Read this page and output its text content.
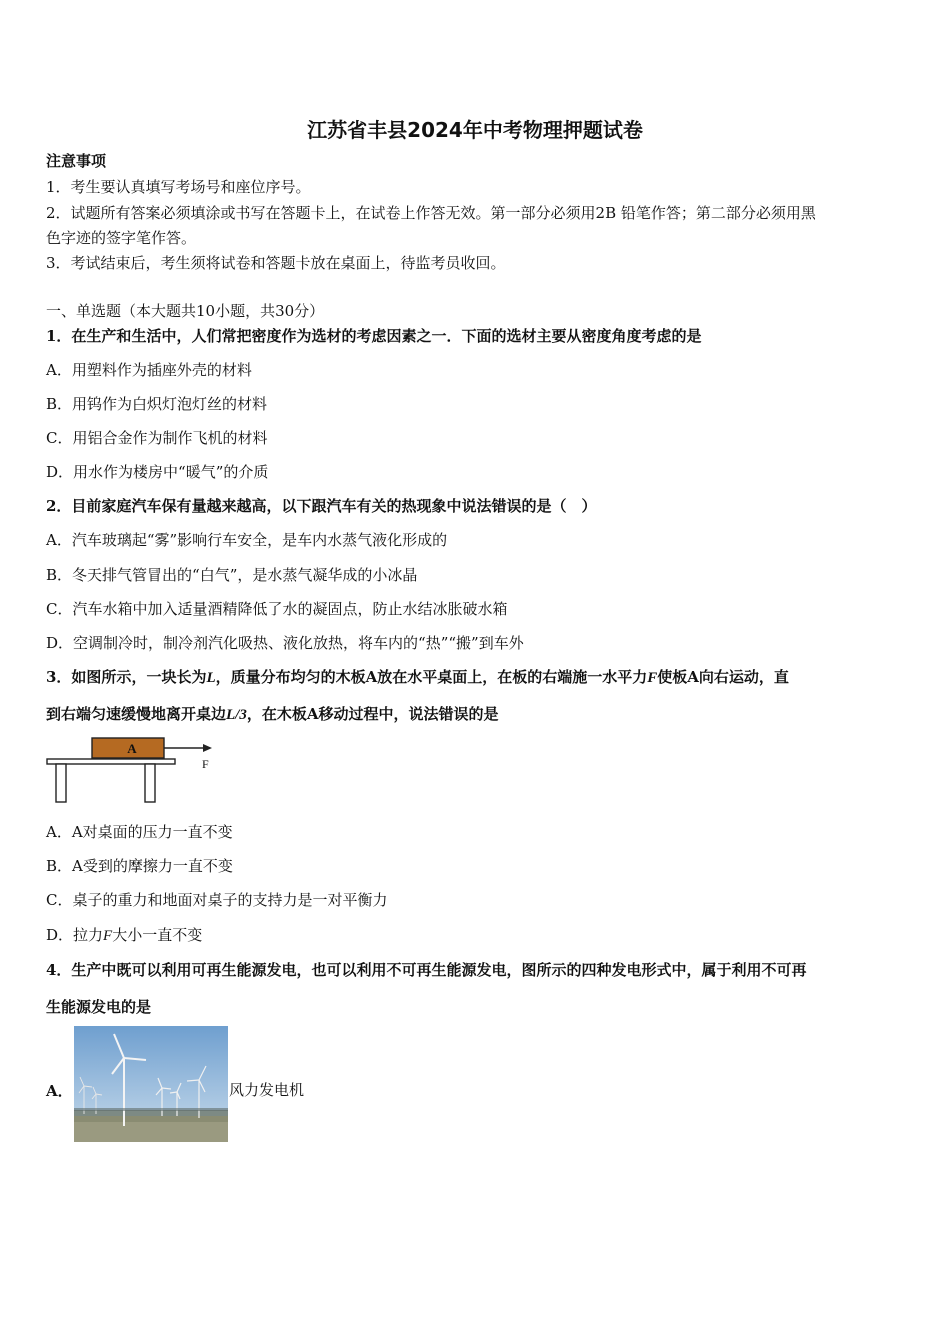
江苏省丰县2024年中考物理押题试卷
注意事项
1．考生要认真填写考场号和座位序号。
2．试题所有答案必须填涂或书写在答题卡上，在试卷上作答无效。第一部分必须用2B 铅笔作答；第二部分必须用黑
色字迹的签字笔作答。
3．考试结束后，考生须将试卷和答题卡放在桌面上，待监考员收回。
一、单选题（本大题共10小题，共30分）
1．在生产和生活中，人们常把密度作为选材的考虑因素之一．下面的选材主要从密度角度考虑的是
A．用塑料作为插座外壳的材料
B．用钨作为白炽灯泡灯丝的材料
C．用铝合金作为制作飞机的材料
D．用水作为楼房中“暖气”的介质
2．目前家庭汽车保有量越来越高，以下跟汽车有关的热现象中说法错误的是（　）
A．汽车玻璃起“雾”影响行车安全，是车内水蒸气液化形成的
B．冬天排气管冒出的“白气”，是水蒸气凝华成的小冰晶
C．汽车水箱中加入适量酒精降低了水的凝固点，防止水结冰胀破水箱
D．空调制冷时，制冷剂汽化吸热、液化放热，将车内的“热”“搬”到车外
3．如图所示，一块长为L，质量分布均匀的木板A放在水平桌面上，在板的右端施一水平力F使板A向右运动，直
到右端匀速缓慢地离开桌边L/3，在木板A移动过程中，说法错误的是
A
F
A．A对桌面的压力一直不变
B．A受到的摩擦力一直不变
C．桌子的重力和地面对桌子的支持力是一对平衡力
D．拉力F大小一直不变
4．生产中既可以利用可再生能源发电，也可以利用不可再生能源发电，图所示的四种发电形式中，属于利用不可再
生能源发电的是
A．	风力发电机
